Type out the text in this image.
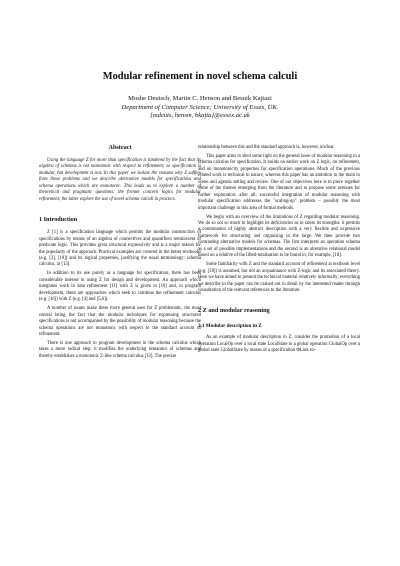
Modular refinement in novel schema calculi
Moshe Deutsch, Martin C. Henson and Besnik Kajtazi
Department of Computer Science; University of Essex, UK.
{mdeuts, hensm, bkajta}@essex.ac.uk
Abstract

Using the language Z for more than specification is hindered by the fact that its algebra of schemas is not monotonic with respect to refinement; so specification is modular, but development is not. In this paper we isolate the reasons why Z suffers from these problems and we describe alternative models for specifications and schema operations which are monotonic. This leads us to explore a number of theoretical and pragmatic questions: the former concern logics for modular refinement; the latter explore the use of novel schema calculi in practice.

1 Introduction

Z [1] is a specification language which permits the modular construction of specifications by means of an algebra of connectives and quantifiers reminiscent of predicate logic. This provides great structural expressivity and is a major reason for the popularity of the approach. Practical examples are covered in the better textbooks (e.g. [3], [18]) and its logical properties, justifying the usual terminology: schema calculus, in [13].

In addition to its use purely as a language for specification, there has been considerable interest in using Z for design and development. An approach which integrates work in data refinement [11] with Z is given in [18] and, in program development, there are approaches which seek to combine the refinement calculus (e.g. [16]) with Z (e.g. [4] and [5,6]).

A number of issues make these more general uses for Z problematic, the most central being the fact that the modular techniques for expressing structured specifications is not accompanied by the possibility of modular reasoning because the schema operations are not monotonic with respect to the standard account of refinement.

There is one approach to program development in the schema calculus which takes a more radical step: it modifies the underlying semantics of schemas and thereby establishes a monotonic Z-like schema calculus [12]. The precise

relationship between this and the standard approach is, however, unclear.

This paper aims to shed some light on the general issue of modular reasoning in a schema calculus for specification. It builds on earlier work on Z logic, on refinement, and on monotonicity properties for specification operations. Much of the previous related work is technical in nature, whereas this paper has an ambition in the main to scene and agenda setting and review. One of our objectives here is to piece together some of the themes emerging from the literature and to propose some avenues for further exploration: after all, successful integration of modular reasoning with modular specification addresses the "scaling-up" problem – possibly the most important challenge in this area of formal methods.

We begin with an overview of the limitations of Z regarding modular reasoning. We do so not so much to highlight its deficiencies as to stress its strengths: it permits a combination of highly abstract description with a very flexible and expressive framework for structuring and organising in the large. We then provide two contrasting alternative models for schemas. The first interprets an operation schema as a set of possible implementations and the second is an alterative relational model based on a relative of the lifted-totalisation to be found in, for example, [18].

Some familiarity with Z and the standard account of refinement at textbook level (e.g. [18]) is assumed, but not an acquaintance with Z-logic and its associated theory. Here we have aimed to present the technical material relatively informally; everything we describe in the paper can be cashed out in detail by the interested reader through consultation of the relevant references to the literature.

2 Z and modular reasoning
2.1 Modular description in Z

As an example of modular description in Z, consider the promotion of a local operation LocalOp over a local state LocalState to a global operation GlobalOp over a global state GlobalState by means of a specification ΦLink ex-
